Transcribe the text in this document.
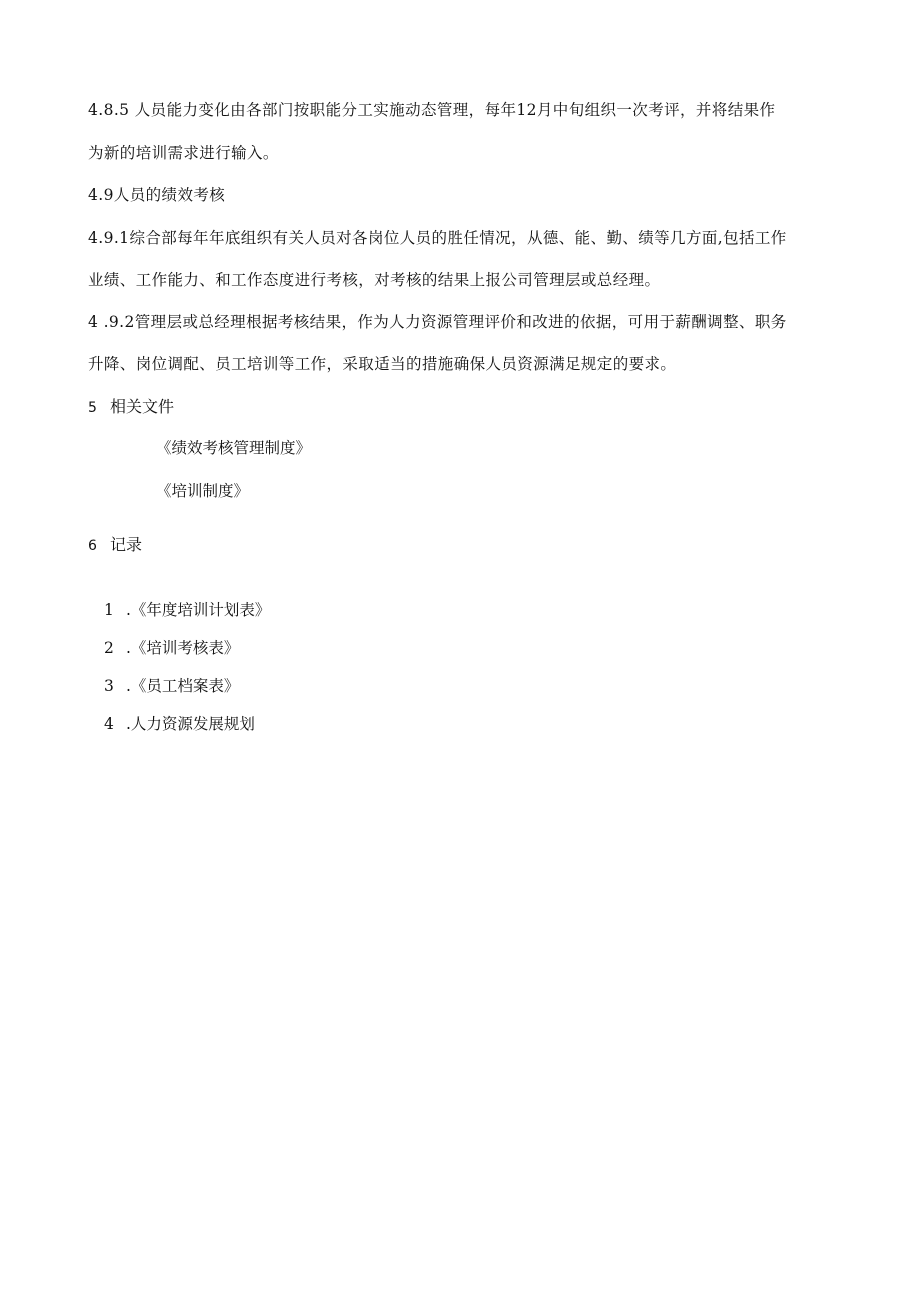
4.8.5 人员能力变化由各部门按职能分工实施动态管理，每年12月中旬组织一次考评，并将结果作
为新的培训需求进行输入。
4.9人员的绩效考核
4.9.1综合部每年年底组织有关人员对各岗位人员的胜任情况，从德、能、勤、绩等几方面,包括工作
业绩、工作能力、和工作态度进行考核，对考核的结果上报公司管理层或总经理。
4 .9.2管理层或总经理根据考核结果，作为人力资源管理评价和改进的依据，可用于薪酬调整、职务
升降、岗位调配、员工培训等工作，采取适当的措施确保人员资源满足规定的要求。
5 相关文件
《绩效考核管理制度》
《培训制度》
6 记录
1 .《年度培训计划表》
2 .《培训考核表》
3 .《员工档案表》
4 .人力资源发展规划
